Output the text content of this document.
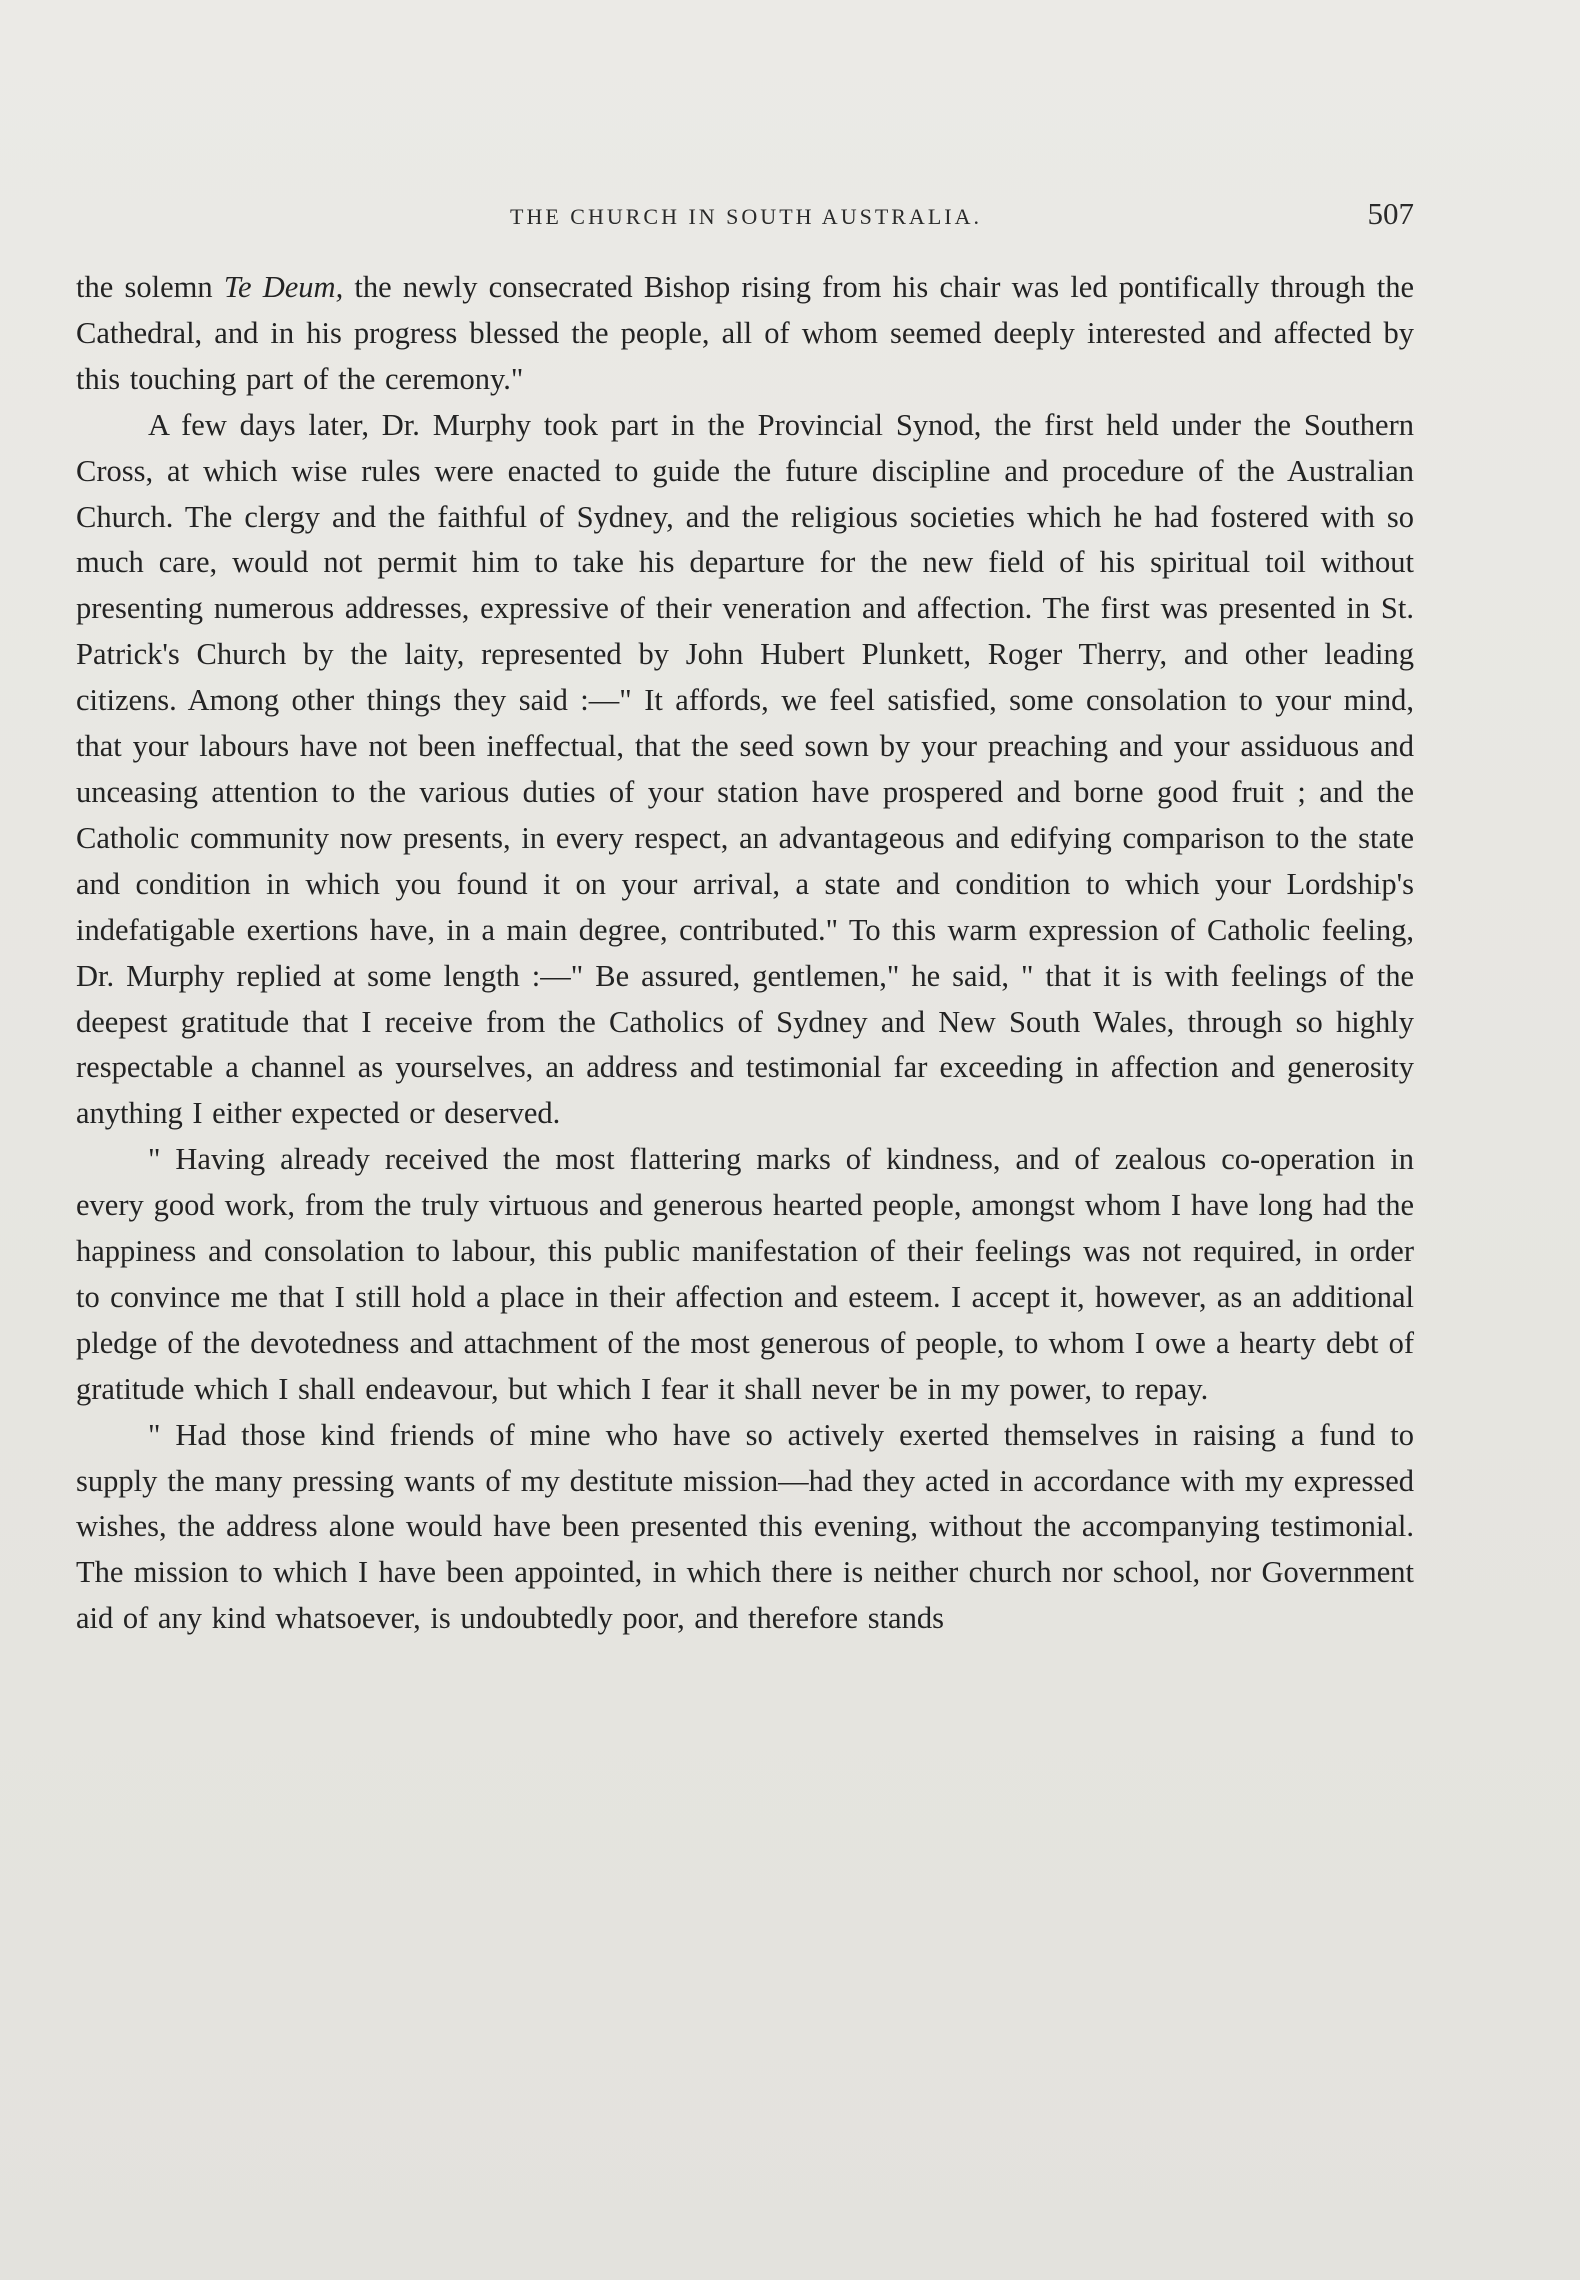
THE CHURCH IN SOUTH AUSTRALIA.	507

the solemn Te Deum, the newly consecrated Bishop rising from his chair was led pontifically through the Cathedral, and in his progress blessed the people, all of whom seemed deeply interested and affected by this touching part of the ceremony."

A few days later, Dr. Murphy took part in the Provincial Synod, the first held under the Southern Cross, at which wise rules were enacted to guide the future discipline and procedure of the Australian Church. The clergy and the faithful of Sydney, and the religious societies which he had fostered with so much care, would not permit him to take his departure for the new field of his spiritual toil without presenting numerous addresses, expressive of their veneration and affection. The first was presented in St. Patrick's Church by the laity, represented by John Hubert Plunkett, Roger Therry, and other leading citizens. Among other things they said :—" It affords, we feel satisfied, some consolation to your mind, that your labours have not been ineffectual, that the seed sown by your preaching and your assiduous and unceasing attention to the various duties of your station have prospered and borne good fruit ; and the Catholic community now presents, in every respect, an advantageous and edifying comparison to the state and condition in which you found it on your arrival, a state and condition to which your Lordship's indefatigable exertions have, in a main degree, contributed." To this warm expression of Catholic feeling, Dr. Murphy replied at some length :—" Be assured, gentlemen," he said, " that it is with feelings of the deepest gratitude that I receive from the Catholics of Sydney and New South Wales, through so highly respectable a channel as yourselves, an address and testimonial far exceeding in affection and generosity anything I either expected or deserved.

" Having already received the most flattering marks of kindness, and of zealous co-operation in every good work, from the truly virtuous and generous hearted people, amongst whom I have long had the happiness and consolation to labour, this public manifestation of their feelings was not required, in order to convince me that I still hold a place in their affection and esteem. I accept it, however, as an additional pledge of the devotedness and attachment of the most generous of people, to whom I owe a hearty debt of gratitude which I shall endeavour, but which I fear it shall never be in my power, to repay.

" Had those kind friends of mine who have so actively exerted themselves in raising a fund to supply the many pressing wants of my destitute mission—had they acted in accordance with my expressed wishes, the address alone would have been presented this evening, without the accompanying testimonial. The mission to which I have been appointed, in which there is neither church nor school, nor Government aid of any kind whatsoever, is undoubtedly poor, and therefore stands
